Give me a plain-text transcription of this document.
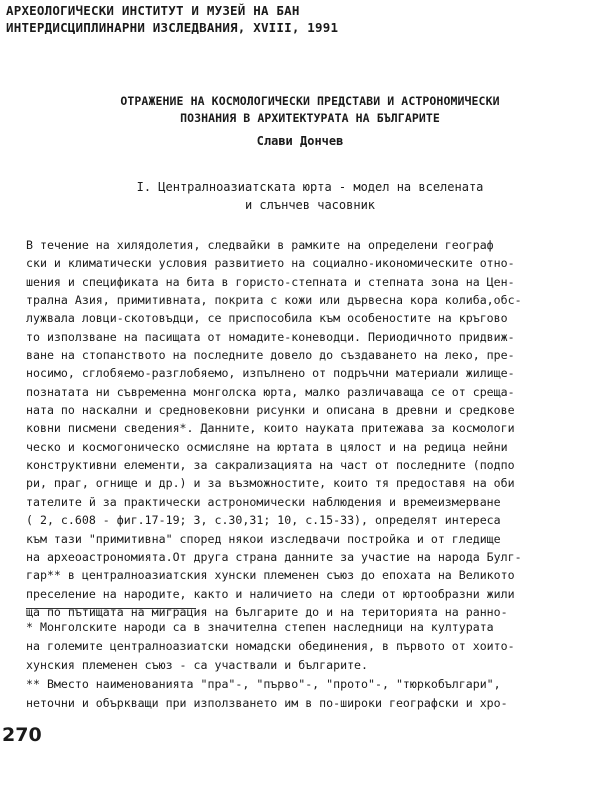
АРХЕОЛОГИЧЕСКИ ИНСТИТУТ И МУЗЕЙ НА БАН
ИНТЕРДИСЦИПЛИНАРНИ ИЗСЛЕДВАНИЯ, XVIII, 1991
ОТРАЖЕНИЕ НА КОСМОЛОГИЧЕСКИ ПРЕДСТАВИ И АСТРОНОМИЧЕСКИ
ПОЗНАНИЯ В АРХИТЕКТУРАТА НА БЪЛГАРИТЕ
Слави Дончев
I. Централноазиатската юрта - модел на вселената
и слънчев часовник
В течение на хилядолетия, следвайки в рамките на определени географ
ски и климатически условия развитието на социално-икономическите отно-
шения и спецификата на бита в гористо-степната и степната зона на Цен-
трална Азия, примитивната, покрита с кожи или дървесна кора колиба,обс-
лужвала ловци-скотовъдци, се приспособила към особеностите на кръгово
то използване на пасищата от номадите-коневодци. Периодичното придвиж-
ване на стопанството на последните довело до създаването на леко, пре-
носимо, сглобяемо-разглобяемо, изпълнено от подръчни материали жилище-
познатата ни съвременна монголска юрта, малко различаваща се от среща-
ната по наскални и средновековни рисунки и описана в древни и средкове
ковни писмени сведения*. Данните, които науката притежава за космологи
ческо и космогоническо осмисляне на юртата в цялост и на редица нейни
конструктивни елементи, за сакрализацията на част от последните (подпо
ри, праг, огнище и др.) и за възможностите, които тя предоставя на оби
тателите й за практически астрономически наблюдения и времеизмерване
( 2, с.608 - фиг.17-19; 3, с.30,31; 10, с.15-33), определят интереса
към тази "примитивна" според някои изследвачи постройка и от гледище
на археоастрономията.От друга страна данните за участие на народа Булг-
гар** в централноазиатския хунски племенен съюз до епохата на Великото
преселение на народите, както и наличието на следи от юртообразни жили
ща по пътищата на миграция на българите до и на територията на ранно-
* Монголските народи са в значителна степен наследници на културата
на големите централноазиатски номадски обединения, в първото от хоито-
хунския племенен съюз - са участвали и българите.
** Вместо наименованията "пра"-, "първо"-, "прото"-, "тюркобългари",
неточни и объркващи при използването им в по-широки географски и хро-
270
